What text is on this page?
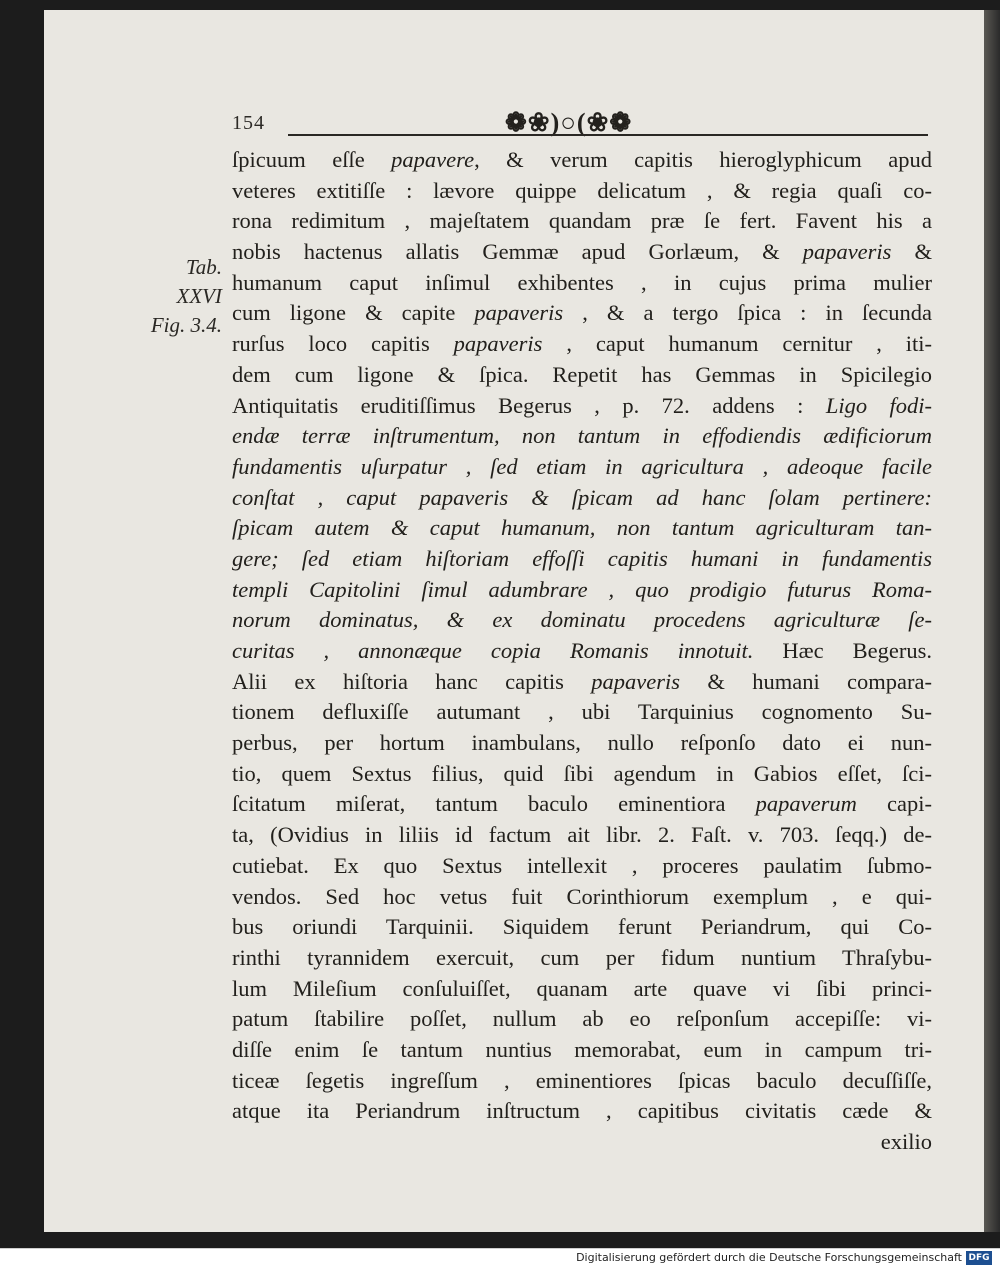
154	❁❀)○(❀❁
Tab.
XXVI
Fig. 3.4.
ſpicuum eſſe papavere, & verum capitis hieroglyphicum apud
veteres extitiſſe : lævore quippe delicatum , & regia quaſi co-
rona redimitum , majeſtatem quandam præ ſe fert. Favent his a
nobis hactenus allatis Gemmæ apud Gorlæum, & papaveris &
humanum caput inſimul exhibentes , in cujus prima mulier
cum ligone & capite papaveris , & a tergo ſpica : in ſecunda
rurſus loco capitis papaveris , caput humanum cernitur , iti-
dem cum ligone & ſpica. Repetit has Gemmas in Spicilegio
Antiquitatis eruditiſſimus Begerus , p. 72. addens : Ligo fodi-
endæ terræ inſtrumentum, non tantum in effodiendis ædificiorum
fundamentis uſurpatur , ſed etiam in agricultura , adeoque facile
conſtat , caput papaveris & ſpicam ad hanc ſolam pertinere:
ſpicam autem & caput humanum, non tantum agriculturam tan-
gere; ſed etiam hiſtoriam effoſſi capitis humani in fundamentis
templi Capitolini ſimul adumbrare , quo prodigio futurus Roma-
norum dominatus, & ex dominatu procedens agriculturæ ſe-
curitas , annonæque copia Romanis innotuit. Hæc Begerus.
Alii ex hiſtoria hanc capitis papaveris & humani compara-
tionem defluxiſſe autumant , ubi Tarquinius cognomento Su-
perbus, per hortum inambulans, nullo reſponſo dato ei nun-
tio, quem Sextus filius, quid ſibi agendum in Gabios eſſet, ſci-
ſcitatum miſerat, tantum baculo eminentiora papaverum capi-
ta, (Ovidius in liliis id factum ait libr. 2. Faſt. v. 703. ſeqq.) de-
cutiebat. Ex quo Sextus intellexit , proceres paulatim ſubmo-
vendos. Sed hoc vetus fuit Corinthiorum exemplum , e qui-
bus oriundi Tarquinii. Siquidem ferunt Periandrum, qui Co-
rinthi tyrannidem exercuit, cum per fidum nuntium Thraſybu-
lum Mileſium conſuluiſſet, quanam arte quave vi ſibi princi-
patum ſtabilire poſſet, nullum ab eo reſponſum accepiſſe: vi-
diſſe enim ſe tantum nuntius memorabat, eum in campum tri-
ticeæ ſegetis ingreſſum , eminentiores ſpicas baculo decuſſiſſe,
atque ita Periandrum inſtructum , capitibus civitatis cæde &
exilio
Digitalisierung gefördert durch die Deutsche Forschungsgemeinschaft DFG
